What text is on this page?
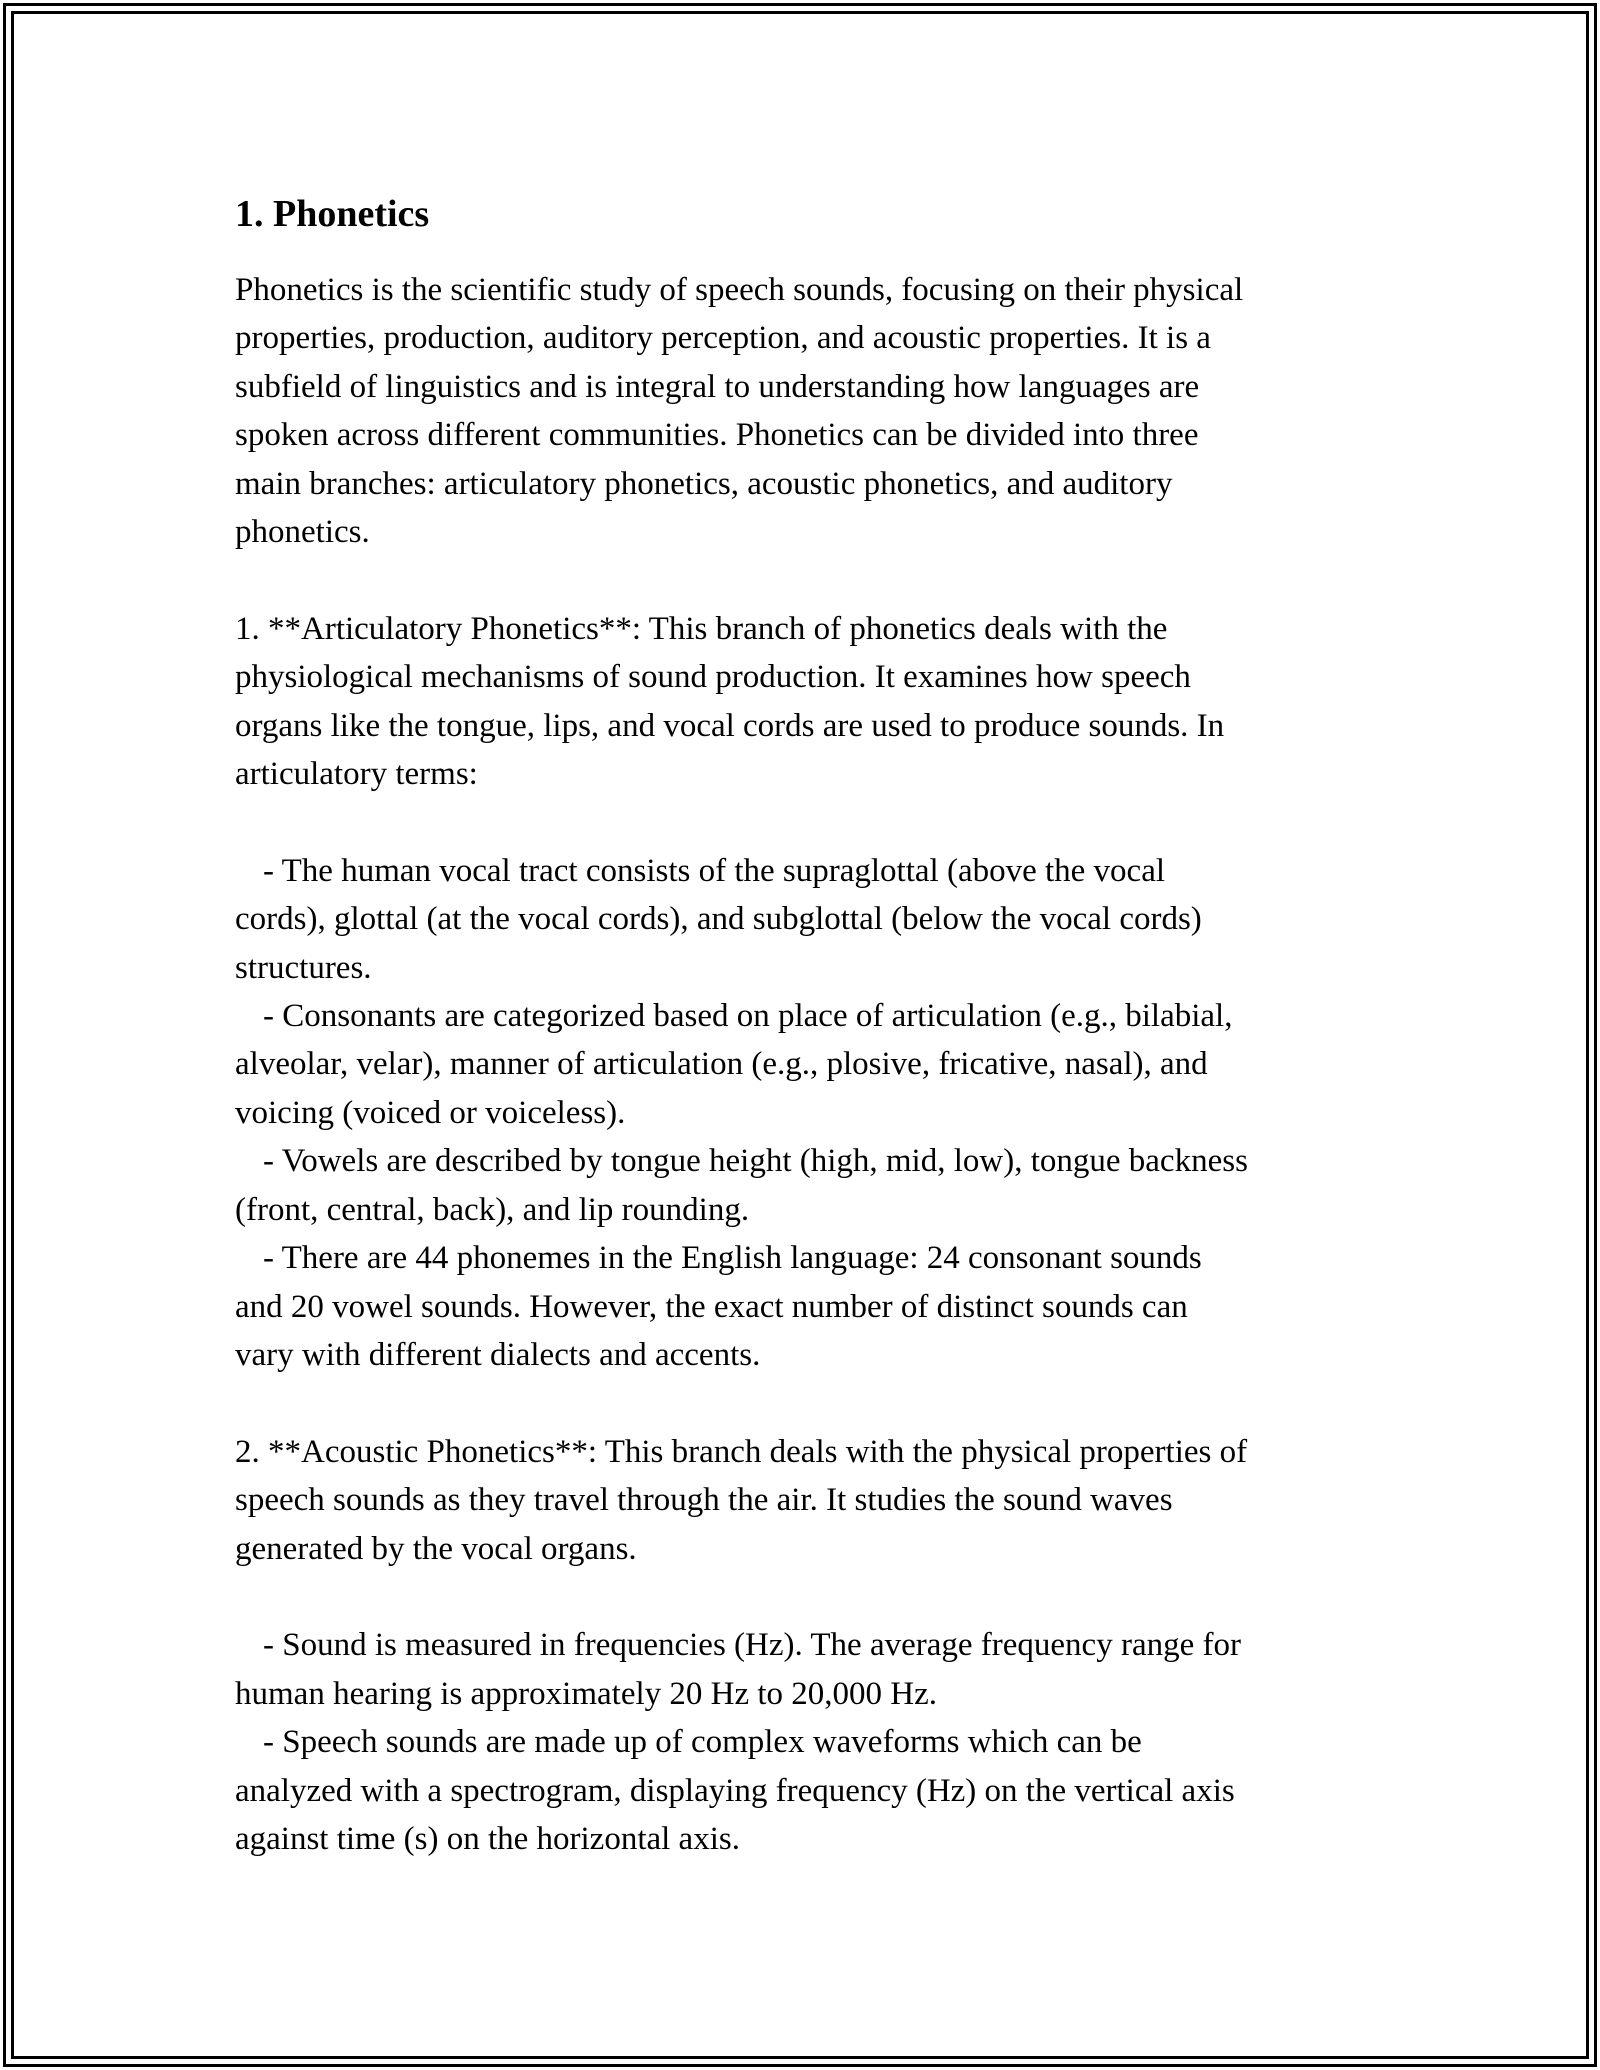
1. Phonetics

Phonetics is the scientific study of speech sounds, focusing on their physical
properties, production, auditory perception, and acoustic properties. It is a
subfield of linguistics and is integral to understanding how languages are
spoken across different communities. Phonetics can be divided into three
main branches: articulatory phonetics, acoustic phonetics, and auditory
phonetics.

1. **Articulatory Phonetics**: This branch of phonetics deals with the
physiological mechanisms of sound production. It examines how speech
organs like the tongue, lips, and vocal cords are used to produce sounds. In
articulatory terms:

- The human vocal tract consists of the supraglottal (above the vocal
cords), glottal (at the vocal cords), and subglottal (below the vocal cords)
structures.

- Consonants are categorized based on place of articulation (e.g., bilabial,
alveolar, velar), manner of articulation (e.g., plosive, fricative, nasal), and
voicing (voiced or voiceless).

- Vowels are described by tongue height (high, mid, low), tongue backness
(front, central, back), and lip rounding.

- There are 44 phonemes in the English language: 24 consonant sounds
and 20 vowel sounds. However, the exact number of distinct sounds can
vary with different dialects and accents.

2. **Acoustic Phonetics**: This branch deals with the physical properties of
speech sounds as they travel through the air. It studies the sound waves
generated by the vocal organs.

- Sound is measured in frequencies (Hz). The average frequency range for
human hearing is approximately 20 Hz to 20,000 Hz.

- Speech sounds are made up of complex waveforms which can be
analyzed with a spectrogram, displaying frequency (Hz) on the vertical axis
against time (s) on the horizontal axis.
